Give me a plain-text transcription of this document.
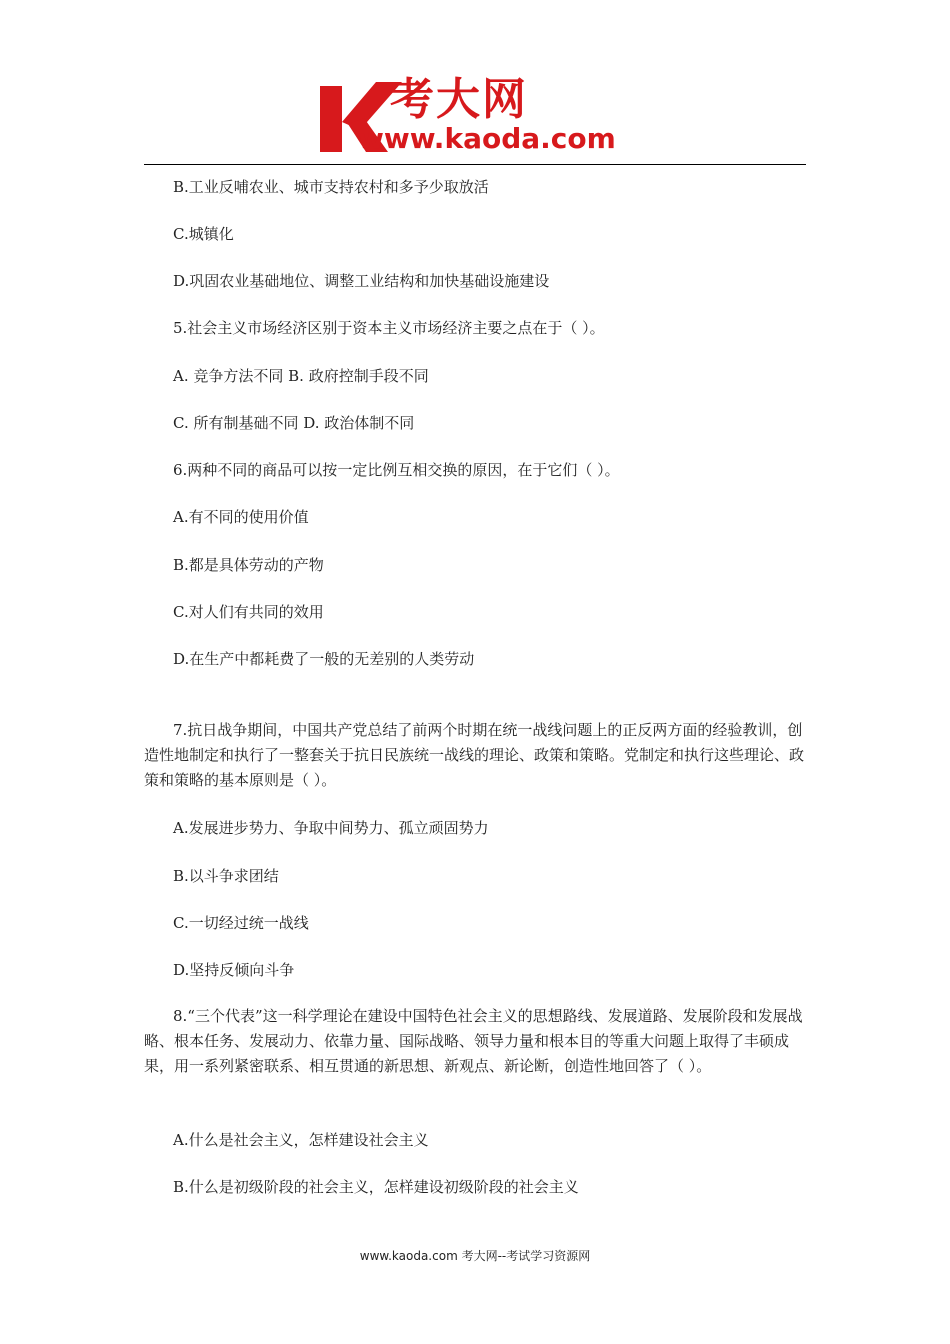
考大网
www.kaoda.com
B.工业反哺农业、城市支持农村和多予少取放活
C.城镇化
D.巩固农业基础地位、调整工业结构和加快基础设施建设
5.社会主义市场经济区别于资本主义市场经济主要之点在于（ ）。
A. 竞争方法不同 B. 政府控制手段不同
C. 所有制基础不同 D. 政治体制不同
6.两种不同的商品可以按一定比例互相交换的原因，在于它们（ ）。
A.有不同的使用价值
B.都是具体劳动的产物
C.对人们有共同的效用
D.在生产中都耗费了一般的无差别的人类劳动
7.抗日战争期间，中国共产党总结了前两个时期在统一战线问题上的正反两方面的经验教训，创造性地制定和执行了一整套关于抗日民族统一战线的理论、政策和策略。党制定和执行这些理论、政策和策略的基本原则是（ ）。
A.发展进步势力、争取中间势力、孤立顽固势力
B.以斗争求团结
C.一切经过统一战线
D.坚持反倾向斗争
8.“三个代表”这一科学理论在建设中国特色社会主义的思想路线、发展道路、发展阶段和发展战略、根本任务、发展动力、依靠力量、国际战略、领导力量和根本目的等重大问题上取得了丰硕成果，用一系列紧密联系、相互贯通的新思想、新观点、新论断，创造性地回答了（ ）。
A.什么是社会主义，怎样建设社会主义
B.什么是初级阶段的社会主义，怎样建设初级阶段的社会主义
www.kaoda.com 考大网--考试学习资源网
